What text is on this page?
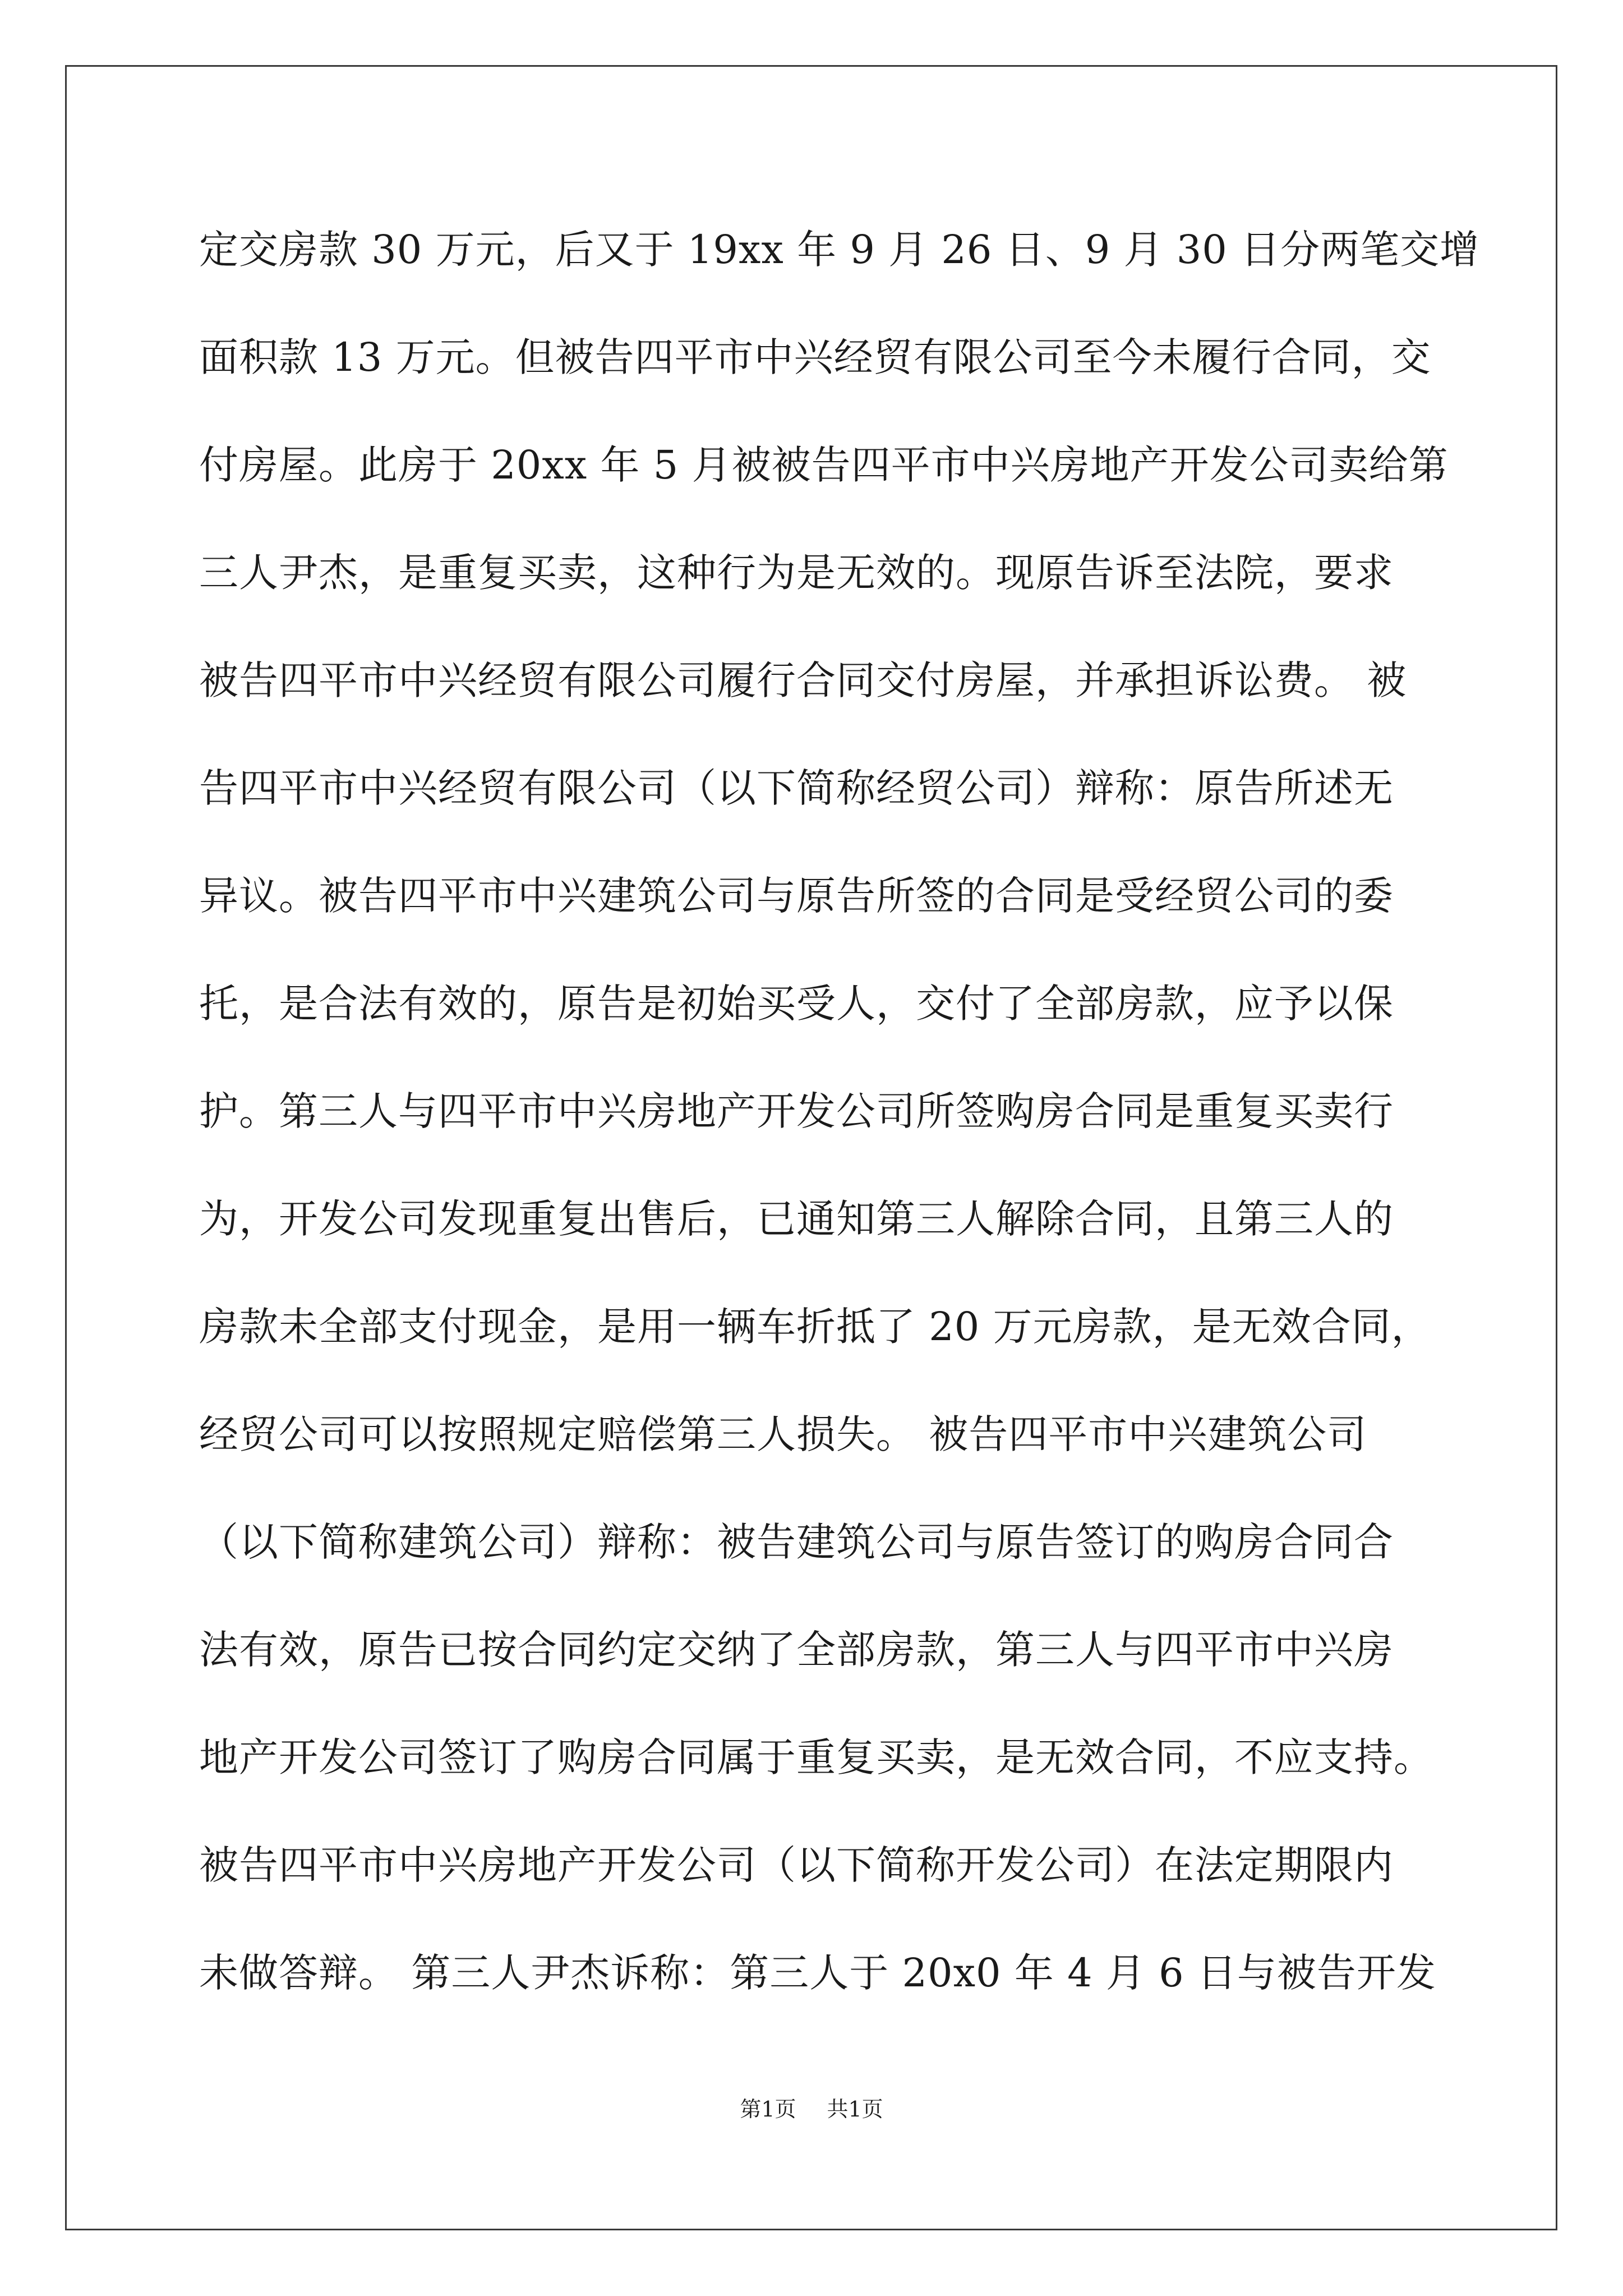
定交房款 30 万元，后又于 19xx 年 9 月 26 日、9 月 30 日分两笔交增
面积款 13 万元。但被告四平市中兴经贸有限公司至今未履行合同，交
付房屋。此房于 20xx 年 5 月被被告四平市中兴房地产开发公司卖给第
三人尹杰，是重复买卖，这种行为是无效的。现原告诉至法院，要求
被告四平市中兴经贸有限公司履行合同交付房屋，并承担诉讼费。 被
告四平市中兴经贸有限公司（以下简称经贸公司）辩称：原告所述无
异议。被告四平市中兴建筑公司与原告所签的合同是受经贸公司的委
托，是合法有效的，原告是初始买受人，交付了全部房款，应予以保
护。第三人与四平市中兴房地产开发公司所签购房合同是重复买卖行
为，开发公司发现重复出售后，已通知第三人解除合同，且第三人的
房款未全部支付现金，是用一辆车折抵了 20 万元房款，是无效合同，
经贸公司可以按照规定赔偿第三人损失。 被告四平市中兴建筑公司
（以下简称建筑公司）辩称：被告建筑公司与原告签订的购房合同合
法有效，原告已按合同约定交纳了全部房款，第三人与四平市中兴房
地产开发公司签订了购房合同属于重复买卖，是无效合同，不应支持。
被告四平市中兴房地产开发公司（以下简称开发公司）在法定期限内
未做答辩。 第三人尹杰诉称：第三人于 20x0 年 4 月 6 日与被告开发
第1页 共1页
